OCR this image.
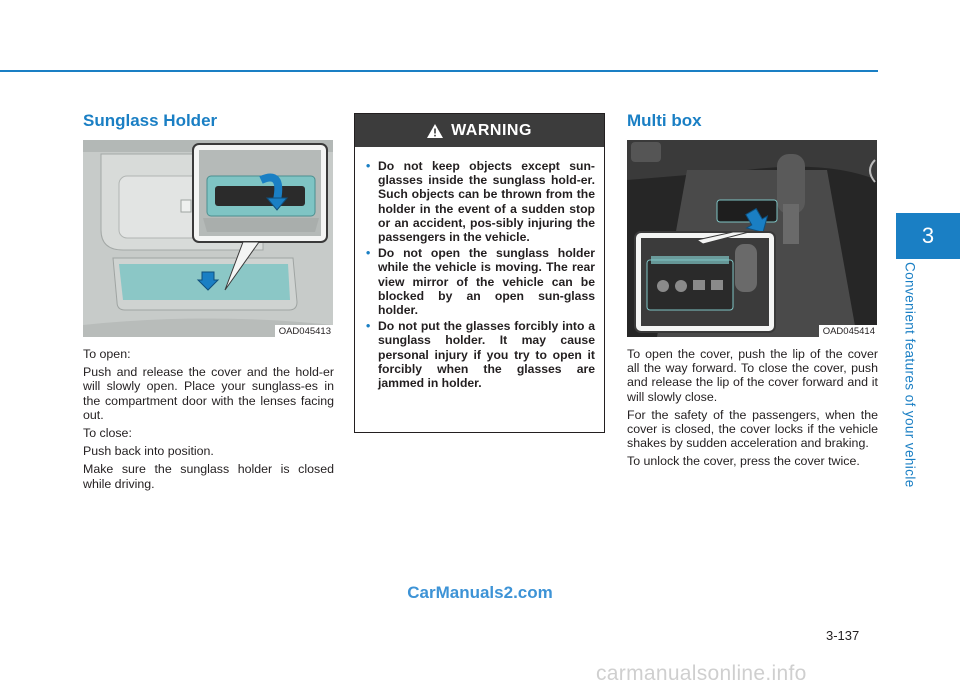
3
Convenient features of your vehicle
Sunglass Holder
OAD045413

To open:

Push and release the cover and the hold-er will slowly open. Place your sunglass-es in the compartment door with the lenses facing out.

To close:

Push back into position.

Make sure the sunglass holder is closed while driving.

WARNING
• Do not keep objects except sun-glasses inside the sunglass hold-er. Such objects can be thrown from the holder in the event of a sudden stop or an accident, pos-sibly injuring the passengers in the vehicle.
• Do not open the sunglass holder while the vehicle is moving. The rear view mirror of the vehicle can be blocked by an open sun-glass holder.
• Do not put the glasses forcibly into a sunglass holder. It may cause personal injury if you try to open it forcibly when the glasses are jammed in holder.
Multi box
OAD045414

To open the cover, push the lip of the cover all the way forward. To close the cover, push and release the lip of the cover forward and it will slowly close.

For the safety of the passengers, when the cover is closed, the cover locks if the vehicle shakes by sudden acceleration and braking.

To unlock the cover, press the cover twice.

CarManuals2.com
3-137
carmanualsonline.info
